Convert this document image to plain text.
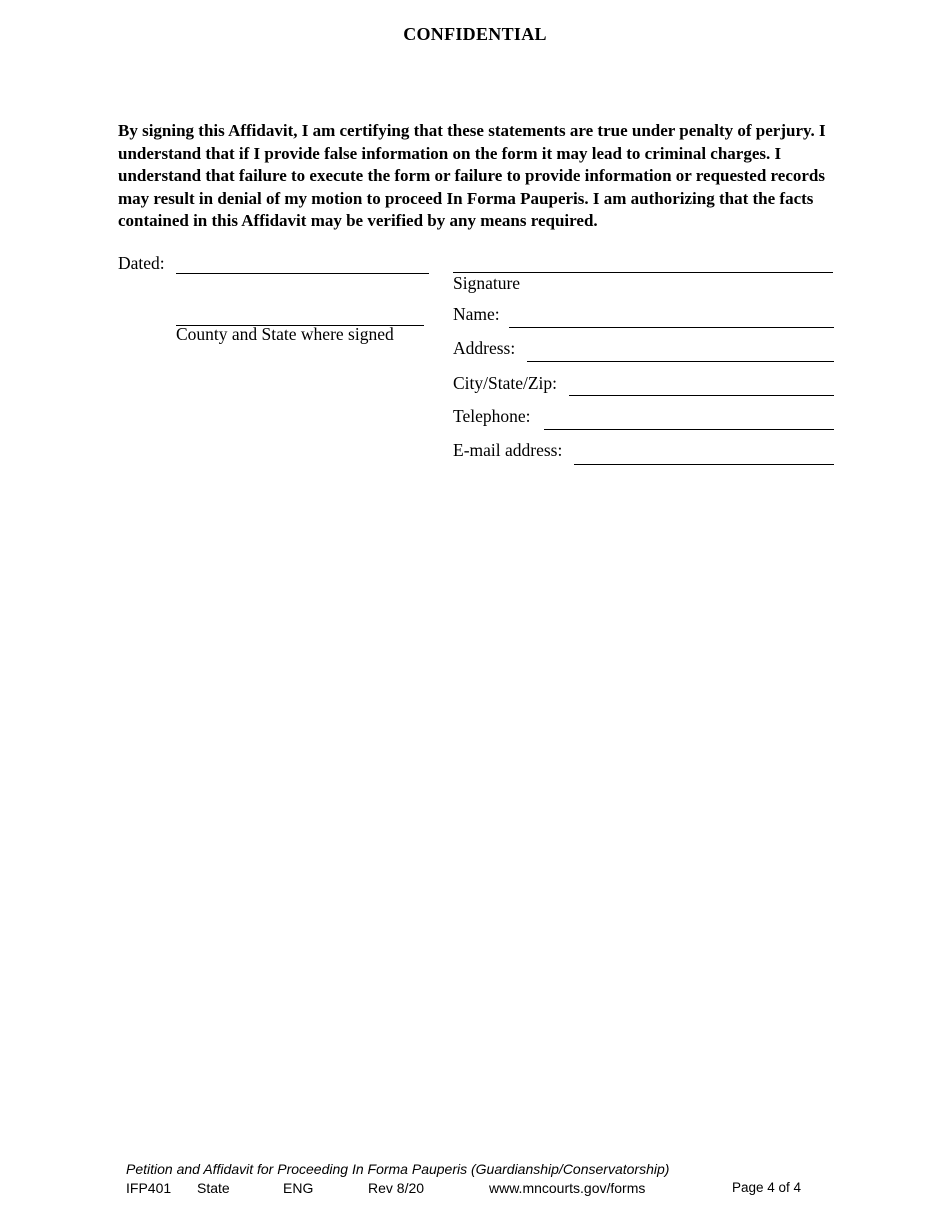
CONFIDENTIAL
By signing this Affidavit, I am certifying that these statements are true under penalty of perjury. I understand that if I provide false information on the form it may lead to criminal charges. I understand that failure to execute the form or failure to provide information or requested records may result in denial of my motion to proceed In Forma Pauperis. I am authorizing that the facts contained in this Affidavit may be verified by any means required.
Dated:
County and State where signed
Signature
Name:
Address:
City/State/Zip:
Telephone:
E-mail address:
Petition and Affidavit for Proceeding In Forma Pauperis (Guardianship/Conservatorship)
IFP401 State	ENG	Rev 8/20	www.mncourts.gov/forms	Page 4 of 4
